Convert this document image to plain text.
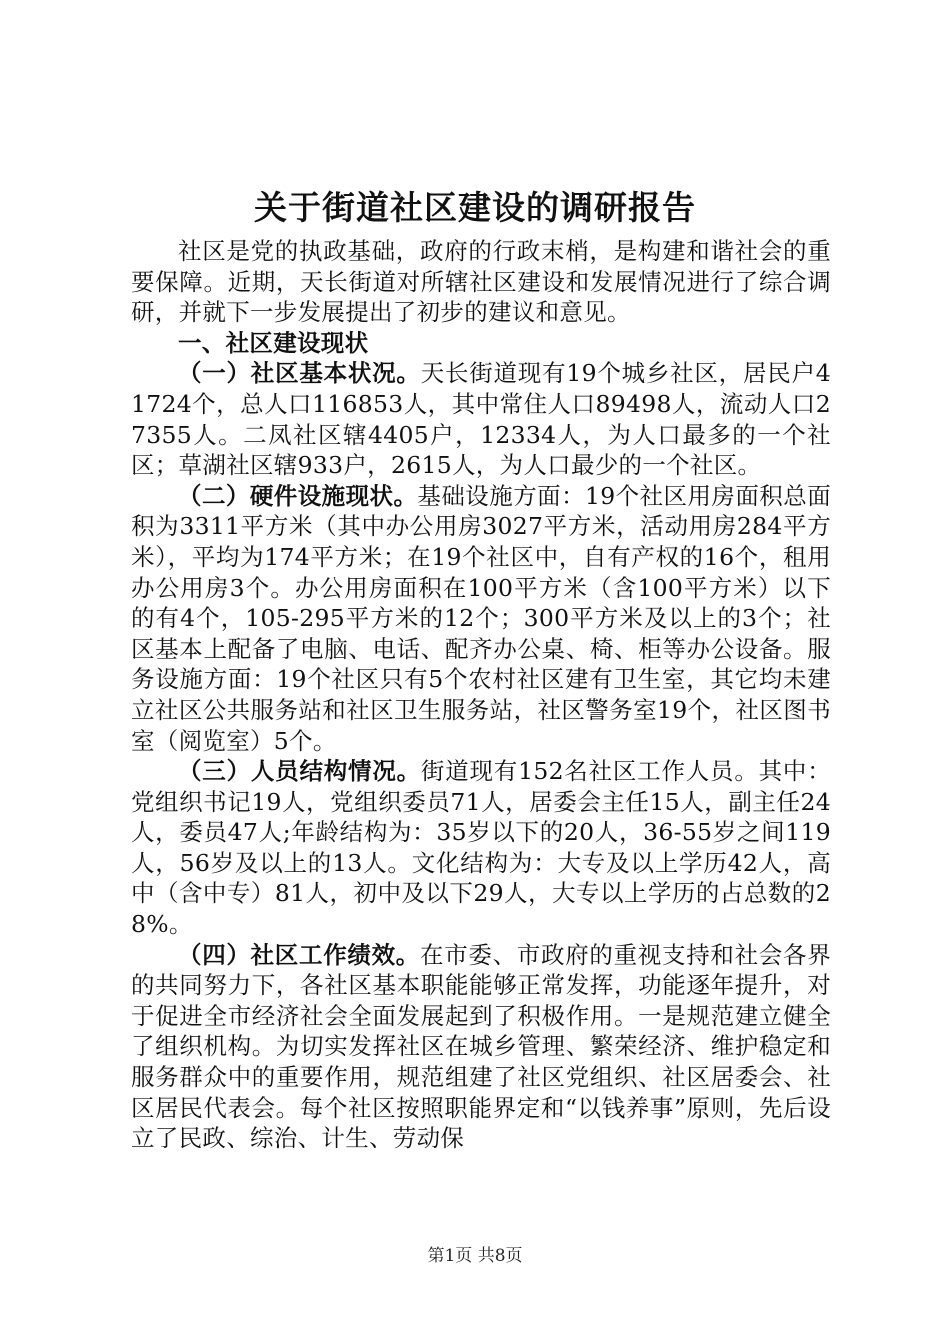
关于街道社区建设的调研报告

社区是党的执政基础，政府的行政末梢，是构建和谐社会的重要保障。近期，天长街道对所辖社区建设和发展情况进行了综合调研，并就下一步发展提出了初步的建议和意见。

一、社区建设现状

（一）社区基本状况。天长街道现有19个城乡社区，居民户41724个，总人口116853人，其中常住人口89498人，流动人口27355人。二凤社区辖4405户，12334人，为人口最多的一个社区；草湖社区辖933户，2615人，为人口最少的一个社区。

（二）硬件设施现状。基础设施方面：19个社区用房面积总面积为3311平方米（其中办公用房3027平方米，活动用房284平方米），平均为174平方米；在19个社区中，自有产权的16个，租用办公用房3个。办公用房面积在100平方米（含100平方米）以下的有4个，105-295平方米的12个；300平方米及以上的3个；社区基本上配备了电脑、电话、配齐办公桌、椅、柜等办公设备。服务设施方面：19个社区只有5个农村社区建有卫生室，其它均未建立社区公共服务站和社区卫生服务站，社区警务室19个，社区图书室（阅览室）5个。

（三）人员结构情况。街道现有152名社区工作人员。其中：党组织书记19人，党组织委员71人，居委会主任15人，副主任24人，委员47人;年龄结构为：35岁以下的20人，36-55岁之间119人，56岁及以上的13人。文化结构为：大专及以上学历42人，高中（含中专）81人，初中及以下29人，大专以上学历的占总数的28%。

（四）社区工作绩效。在市委、市政府的重视支持和社会各界的共同努力下，各社区基本职能能够正常发挥，功能逐年提升，对于促进全市经济社会全面发展起到了积极作用。一是规范建立健全了组织机构。为切实发挥社区在城乡管理、繁荣经济、维护稳定和服务群众中的重要作用，规范组建了社区党组织、社区居委会、社区居民代表会。每个社区按照职能界定和“以钱养事”原则，先后设立了民政、综治、计生、劳动保

第1页 共8页
